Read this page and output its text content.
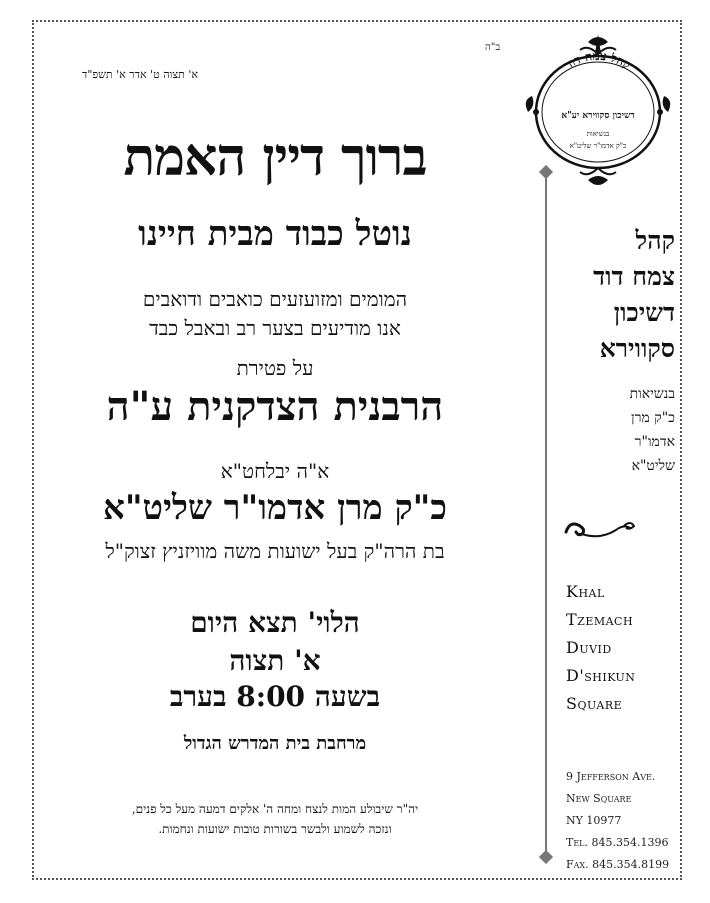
ב"ה
א' תצוה ט' אדר א' תשפ"ד
ברוך דיין האמת
נוטל כבוד מבית חיינו
המומים ומזועזעים כואבים ודואבים
אנו מודיעים בצער רב ובאבל כבד
על פטירת
הרבנית הצדקנית ע"ה
א"ה יבלחט"א
כ"ק מרן אדמו"ר שליט"א
בת הרה"ק בעל ישועות משה מוויזניץ זצוק"ל
הלוי' תצא היום
א' תצוה
בשעה 8:00 בערב
מרחבת בית המדרש הגדול
יה"ר שיבולע המות לנצח ומחה ה' אלקים דמעה מעל כל פנים,
ונזכה לשמוע ולבשר בשורות טובות ישועות ונחמות.
קהל צמח דוד
דשיכון סקווירא יע"א
בנשיאות
כ"ק אדמו"ר שליט"א
קהל
צמח דוד
דשיכון
סקווירא
בנשיאות
כ"ק מרן
אדמו"ר
שליט"א
Khal
Tzemach
Duvid
D'shikun
Square
9 Jefferson Ave.
New Square
NY 10977
Tel. 845.354.1396
Fax. 845.354.8199
